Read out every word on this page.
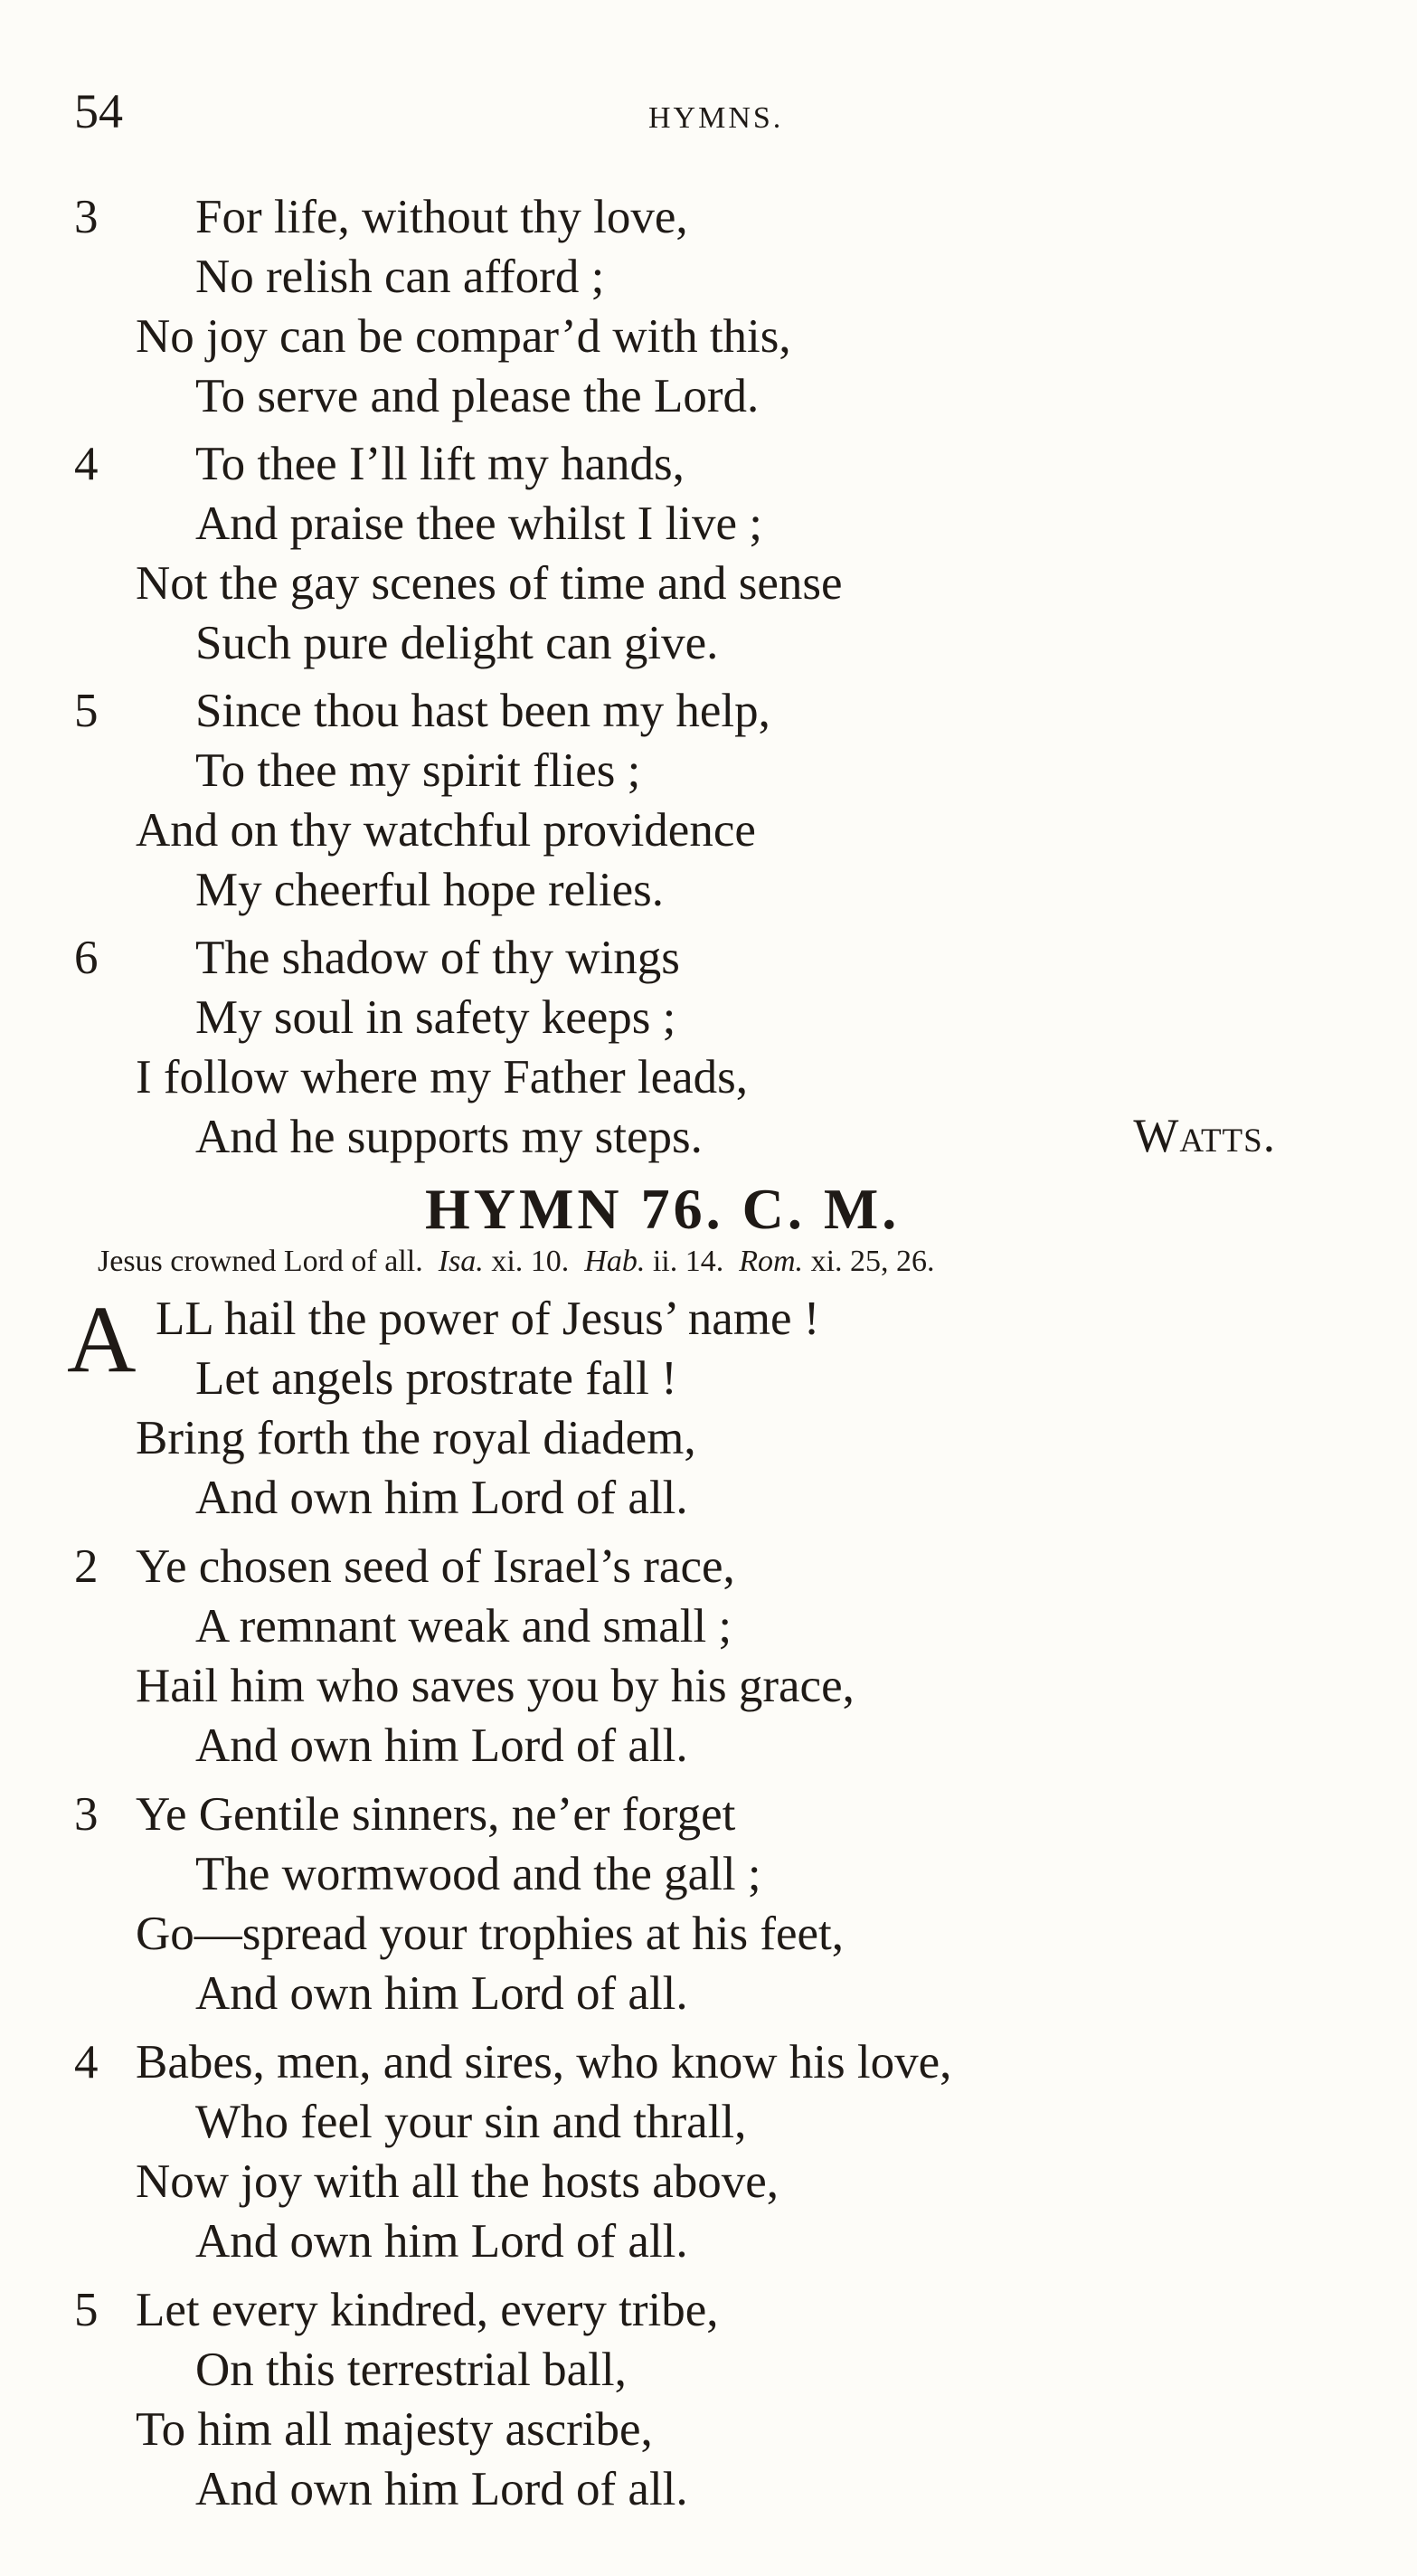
54	HYMNS.
3 For life, without thy love,
No relish can afford ;
No joy can be compar’d with this,
To serve and please the Lord.
4 To thee I’ll lift my hands,
And praise thee whilst I live ;
Not the gay scenes of time and sense
Such pure delight can give.
5 Since thou hast been my help,
To thee my spirit flies ;
And on thy watchful providence
My cheerful hope relies.
6 The shadow of thy wings
My soul in safety keeps ;
I follow where my Father leads,
And he supports my steps.	Watts.
HYMN 76. C. M.
Jesus crowned Lord of all. Isa. xi. 10. Hab. ii. 14. Rom. xi. 25, 26.
A LL hail the power of Jesus’ name !
Let angels prostrate fall !
Bring forth the royal diadem,
And own him Lord of all.
2 Ye chosen seed of Israel’s race,
A remnant weak and small ;
Hail him who saves you by his grace,
And own him Lord of all.
3 Ye Gentile sinners, ne’er forget
The wormwood and the gall ;
Go—spread your trophies at his feet,
And own him Lord of all.
4 Babes, men, and sires, who know his love,
Who feel your sin and thrall,
Now joy with all the hosts above,
And own him Lord of all.
5 Let every kindred, every tribe,
On this terrestrial ball,
To him all majesty ascribe,
And own him Lord of all.
